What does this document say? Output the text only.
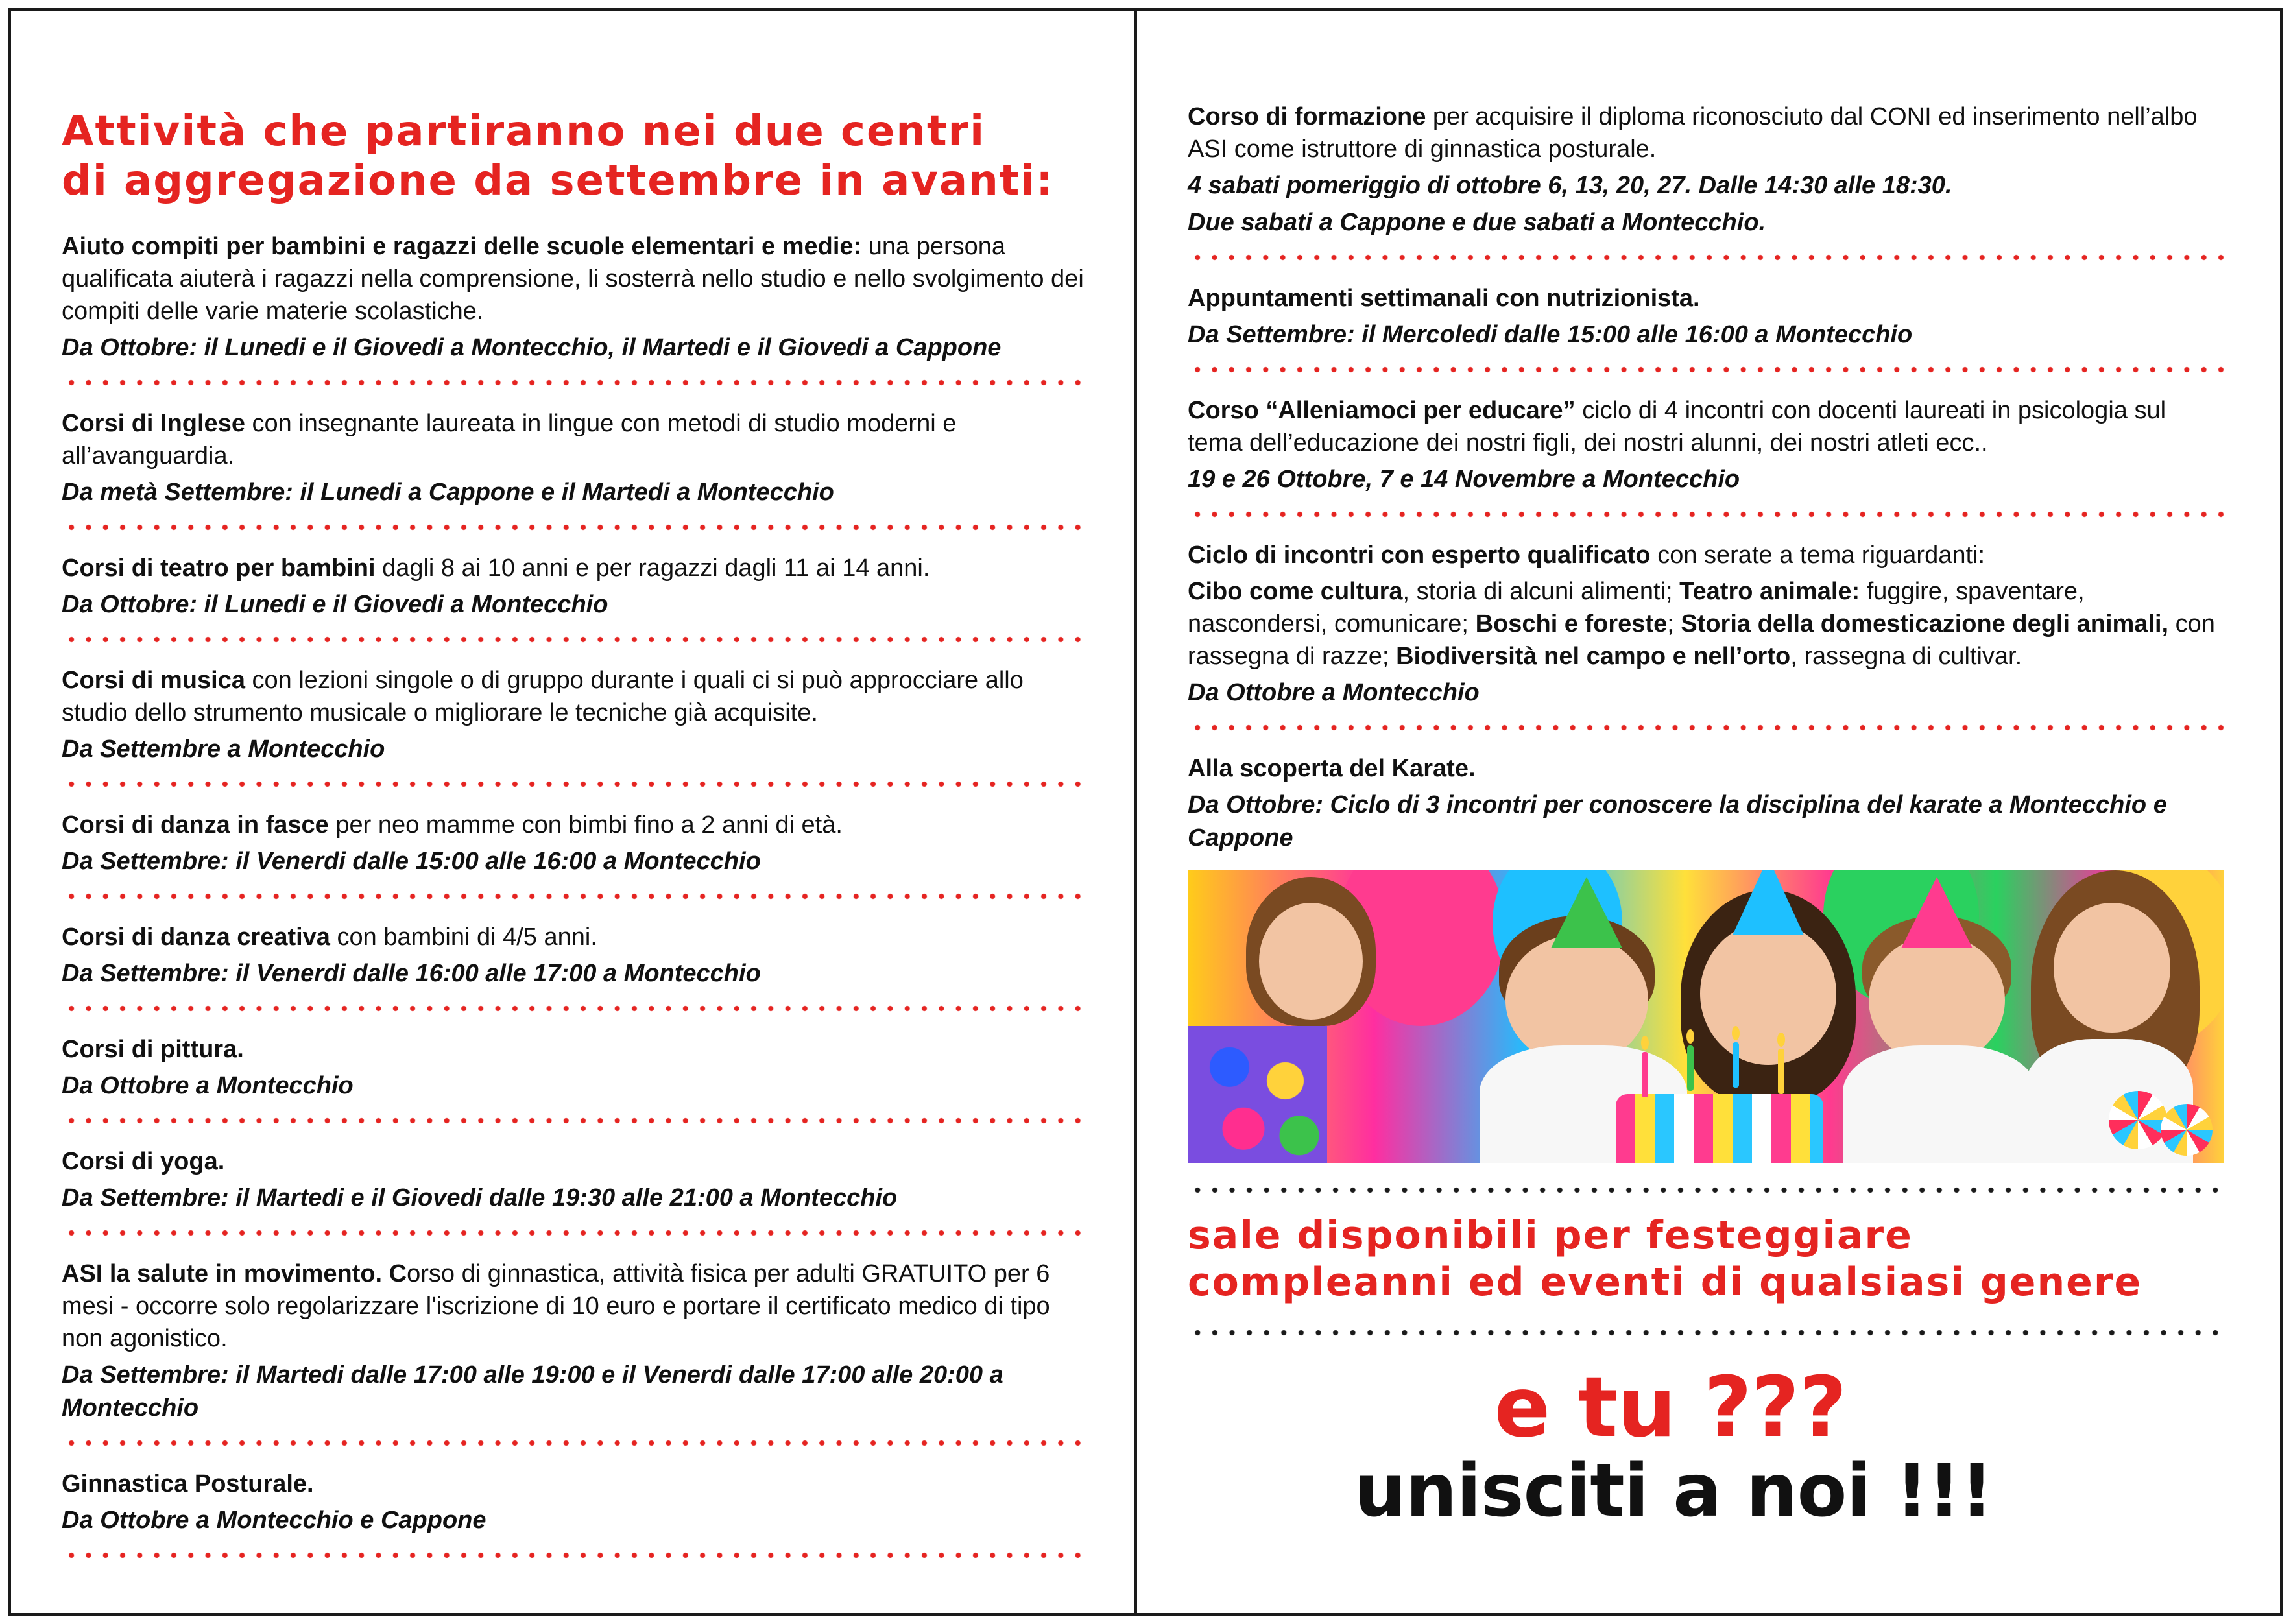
Attività che partiranno nei due centri
di aggregazione da settembre in avanti:
Aiuto compiti per bambini e ragazzi delle scuole elementari e medie: una persona qualificata aiuterà i ragazzi nella comprensione, li sosterrà nello studio e nello svolgimento dei compiti delle varie materie scolastiche.
Da Ottobre: il Lunedi e il Giovedi a Montecchio, il Martedi e il Giovedi a Cappone
Corsi di Inglese con insegnante laureata in lingue con metodi di studio moderni e all’avanguardia.
Da metà Settembre: il Lunedi a Cappone e il Martedi a Montecchio
Corsi di teatro per bambini dagli 8 ai 10 anni e per ragazzi dagli 11 ai 14 anni.
Da Ottobre: il Lunedi e il Giovedi a Montecchio
Corsi di musica con lezioni singole o di gruppo durante i quali ci si può approcciare allo studio dello strumento musicale o migliorare le tecniche già acquisite.
Da Settembre a Montecchio
Corsi di danza in fasce per neo mamme con bimbi fino a 2 anni di età.
Da Settembre: il Venerdi dalle 15:00 alle 16:00 a Montecchio
Corsi di danza creativa con bambini di 4/5 anni.
Da Settembre: il Venerdi dalle 16:00 alle 17:00 a Montecchio
Corsi di pittura.
Da Ottobre a Montecchio
Corsi di yoga.
Da Settembre: il Martedi e il Giovedi dalle 19:30 alle 21:00 a Montecchio
ASI la salute in movimento. Corso di ginnastica, attività fisica per adulti GRATUITO per 6 mesi - occorre solo regolarizzare l'iscrizione di 10 euro e portare il certificato medico di tipo non agonistico.
Da Settembre: il Martedi dalle 17:00 alle 19:00 e il Venerdi dalle 17:00 alle 20:00 a Montecchio
Ginnastica Posturale.
Da Ottobre a Montecchio e Cappone
Corso di formazione per acquisire il diploma riconosciuto dal CONI ed inserimento nell’albo ASI come istruttore di ginnastica posturale.
4 sabati pomeriggio di ottobre 6, 13, 20, 27. Dalle 14:30 alle 18:30.
Due sabati a Cappone e due sabati a Montecchio.
Appuntamenti settimanali con nutrizionista.
Da Settembre: il Mercoledi dalle 15:00 alle 16:00 a Montecchio
Corso “Alleniamoci per educare” ciclo di 4 incontri con docenti laureati in psicologia sul tema dell’educazione dei nostri figli, dei nostri alunni, dei nostri atleti ecc..
19 e 26 Ottobre, 7 e 14 Novembre a Montecchio
Ciclo di incontri con esperto qualificato con serate a tema riguardanti:
Cibo come cultura, storia di alcuni alimenti; Teatro animale: fuggire, spaventare, nascondersi, comunicare; Boschi e foreste; Storia della domesticazione degli animali, con rassegna di razze; Biodiversità nel campo e nell’orto, rassegna di cultivar.
Da Ottobre a Montecchio
Alla scoperta del Karate.
Da Ottobre: Ciclo di 3 incontri per conoscere la disciplina del karate a Montecchio e Cappone
sale disponibili per festeggiare
compleanni ed eventi di qualsiasi genere
e tu ???
unisciti a noi !!!
